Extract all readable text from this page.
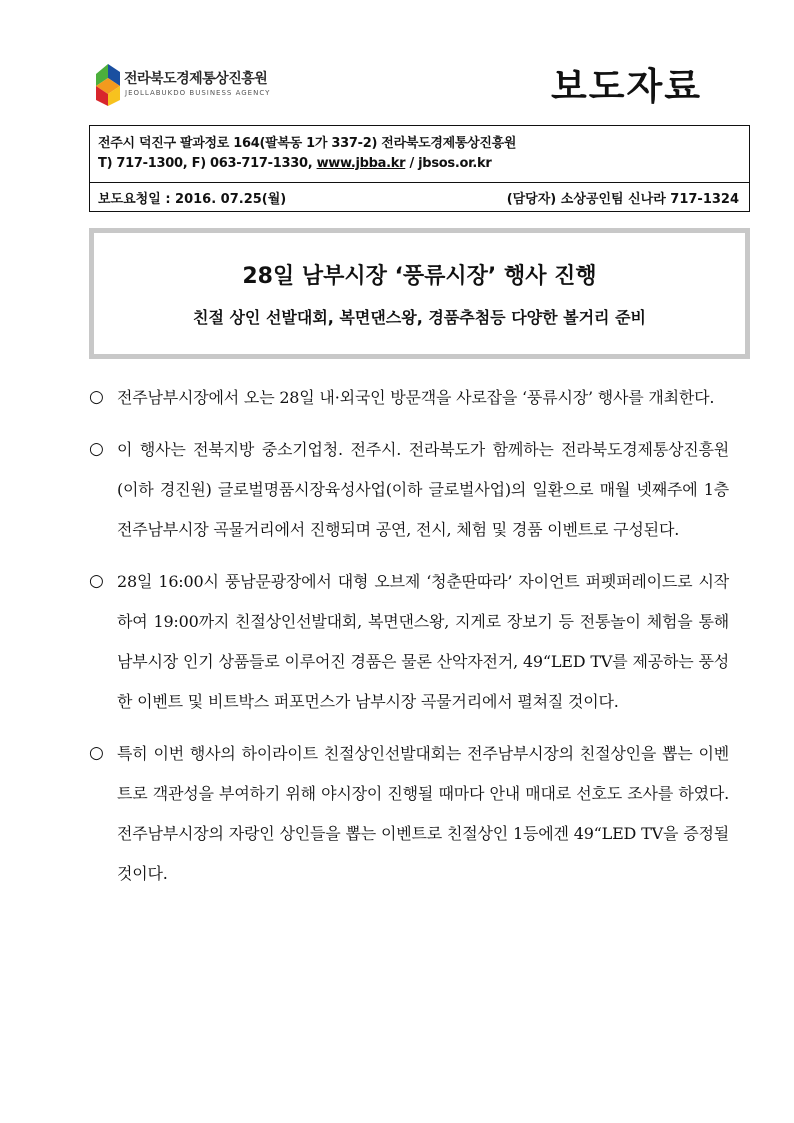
전라북도경제통상진흥원
JEOLLABUKDO BUSINESS AGENCY	보도자료
전주시 덕진구 팔과정로 164(팔복동 1가 337-2) 전라북도경제통상진흥원
T) 717-1300, F) 063-717-1330, www.jbba.kr / jbsos.or.kr
보도요청일 : 2016. 07.25(월)	(담당자) 소상공인팀 신나라 717-1324
28일 남부시장 ‘풍류시장’ 행사 진행
친절 상인 선발대회, 복면댄스왕, 경품추첨등 다양한 볼거리 준비
○ 전주남부시장에서 오는 28일 내·외국인 방문객을 사로잡을 ‘풍류시장’ 행사를 개최한다.
○ 이 행사는 전북지방 중소기업청. 전주시. 전라북도가 함께하는 전라북도경제통상진흥원(이하 경진원) 글로벌명품시장육성사업(이하 글로벌사업)의 일환으로 매월 넷째주에 1층 전주남부시장 곡물거리에서 진행되며 공연, 전시, 체험 및 경품 이벤트로 구성된다.
○ 28일 16:00시 풍남문광장에서 대형 오브제 ‘청춘딴따라’ 자이언트 퍼펫퍼레이드로 시작하여 19:00까지 친절상인선발대회, 복면댄스왕, 지게로 장보기 등 전통놀이 체험을 통해 남부시장 인기 상품들로 이루어진 경품은 물론 산악자전거, 49“LED TV를 제공하는 풍성한 이벤트 및 비트박스 퍼포먼스가 남부시장 곡물거리에서 펼쳐질 것이다.
○ 특히 이번 행사의 하이라이트 친절상인선발대회는 전주남부시장의 친절상인을 뽑는 이벤트로 객관성을 부여하기 위해 야시장이 진행될 때마다 안내 매대로 선호도 조사를 하였다. 전주남부시장의 자랑인 상인들을 뽑는 이벤트로 친절상인 1등에겐 49“LED TV을 증정될 것이다.
